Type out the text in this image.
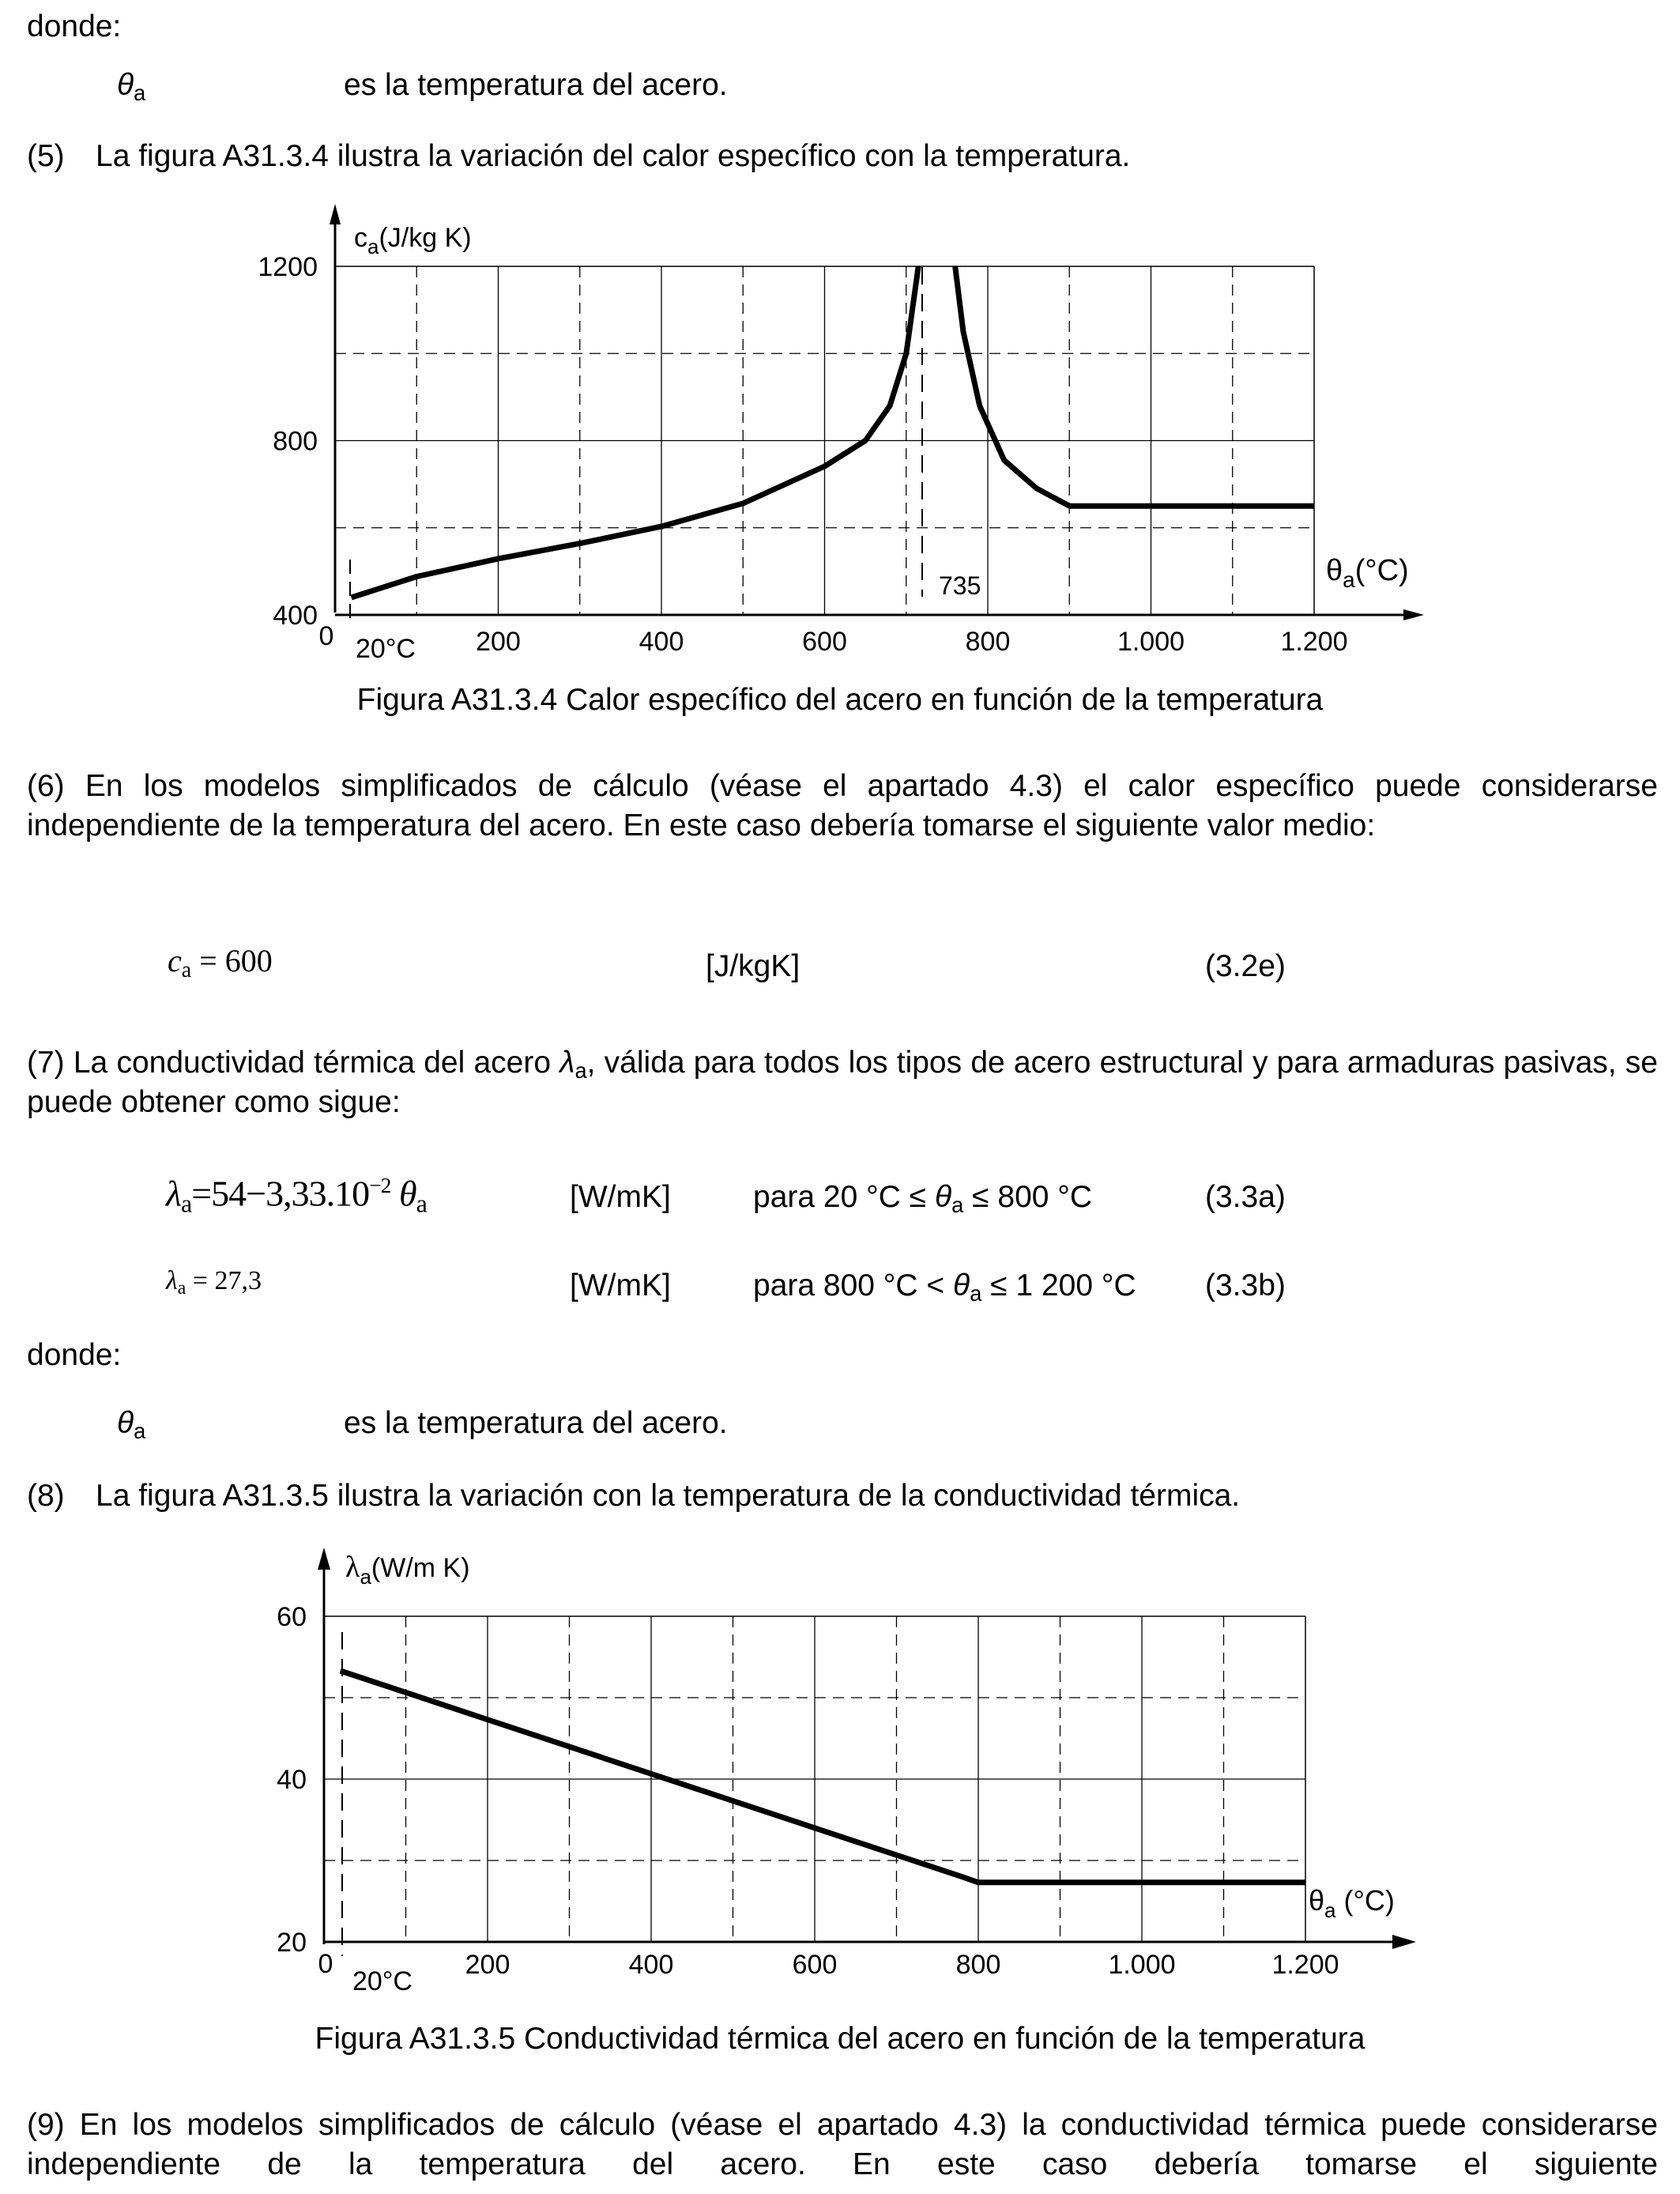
donde:
$\theta_a$	es la temperatura del acero.
(5) La figura A31.3.4 ilustra la variación del calor específico con la temperatura.
200	400	600	800	1.000	1.200
400
800
1200
$c_a(J/kg$ K)
$\theta_a(^\circ C)$
735
0 20°C
Figura A31.3.4 Calor específico del acero en función de la temperatura
(6) En los modelos simplificados de cálculo (véase el apartado 4.3) el calor específico puede considerarse independiente de la temperatura del acero. En este caso debería tomarse el siguiente valor medio:
$c_a = 600$	[J/kgK]	(3.2e)
(7) La conductividad térmica del acero $\lambda_a$, válida para todos los tipos de acero estructural y para armaduras pasivas, se puede obtener como sigue:
$\lambda_a=54-3,33.10^{-2}$ $\theta_a$	[W/mK]	para 20 $^\circ C \le \theta_a \le 800$ °C	(3.3a)
$\lambda_a = 27,3$	[W/mK]	para 800 $^\circ C < \theta_a \le 1$ 200 °C (3.3b)
donde:
$\theta_a$	es la temperatura del acero.
(8) La figura A31.3.5 ilustra la variación con la temperatura de la conductividad térmica.
200	400	600	800	1.000	1.200
20
40
60
$\lambda_a(W/m$ K)
$\theta_a$ (°C)
0
20°C
Figura A31.3.5 Conductividad térmica del acero en función de la temperatura
(9) En los modelos simplificados de cálculo (véase el apartado 4.3) la conductividad térmica puede considerarse independiente de la temperatura del acero. En este caso debería tomarse el siguiente
